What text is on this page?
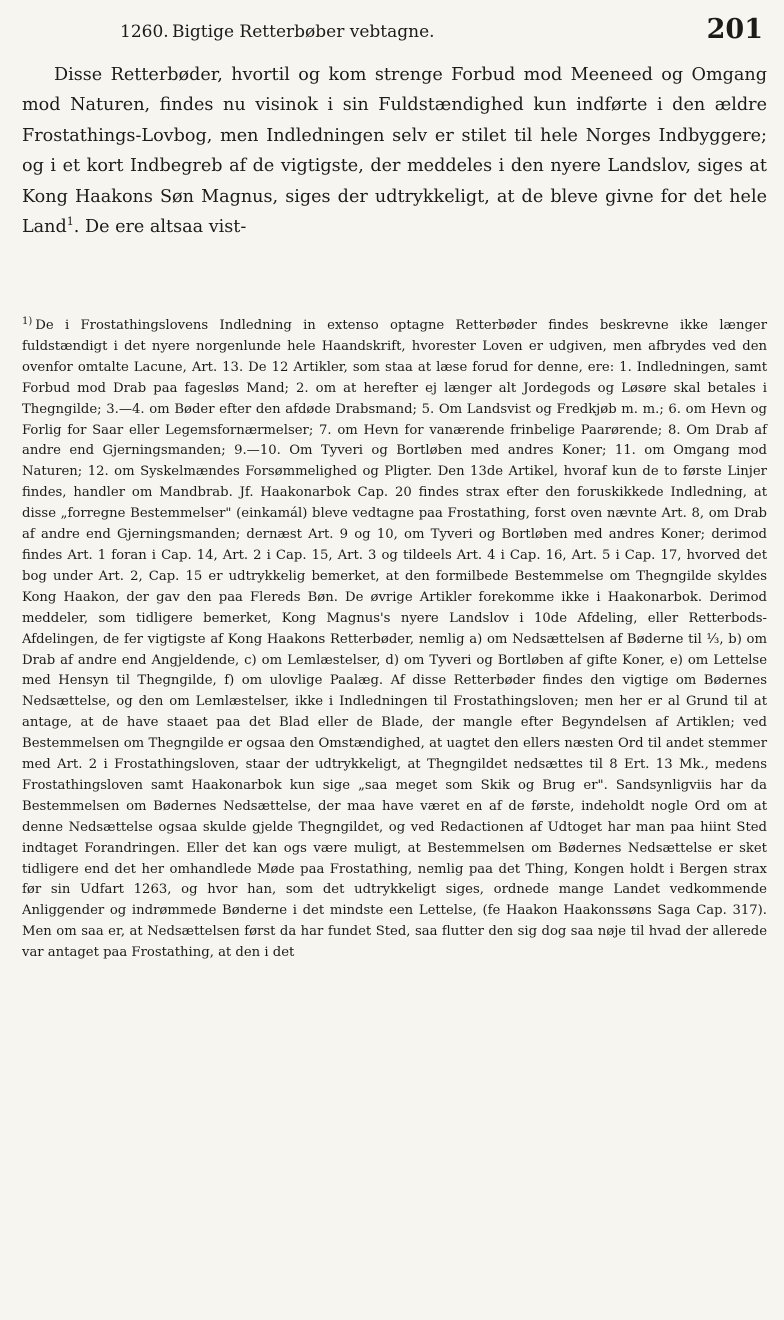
1260. Bigtige Retterbøber vebtagne.	201

Disse Retterbøder, hvortil og kom strenge Forbud mod Meeneed og Omgang mod Naturen, findes nu visinok i sin Fuldstændighed kun indførte i den ældre Frostathings-Lovbog, men Indledningen selv er stilet til hele Norges Indbyggere; og i et kort Indbegreb af de vigtigste, der meddeles i den nyere Landslov, siges at Kong Haakons Søn Magnus, siges der udtrykkeligt, at de bleve givne for det hele Land$^1$. De ere altsaa vist-

$^{1)}$ De i Frostathingslovens Indledning in extenso optagne Retterbøder findes beskrevne ikke længer fuldstændigt i det nyere norgenlunde hele Haandskrift, hvorester Loven er udgiven, men afbrydes ved den ovenfor omtalte Lacune, Art. 13. De 12 Artikler, som staa at læse forud for denne, ere: 1. Indledningen, samt Forbud mod Drab paa fagesløs Mand; 2. om at herefter ej længer alt Jordegods og Løsøre skal betales i Thegngilde; 3.—4. om Bøder efter den afdøde Drabsmand; 5. Om Landsvist og Fredkjøb m. m.; 6. om Hevn og Forlig for Saar eller Legemsfornærmelser; 7. om Hevn for vanærende frinbelige Paarørende; 8. Om Drab af andre end Gjerningsmanden; 9.—10. Om Tyveri og Bortløben med andres Koner; 11. om Omgang mod Naturen; 12. om Syskelmændes Forsømmelighed og Pligter. Den 13de Artikel, hvoraf kun de to første Linjer findes, handler om Mandbrab. Jf. Haakonarbok Cap. 20 findes strax efter den foruskikkede Indledning, at disse „forregne Bestemmelser" (einkamál) bleve vedtagne paa Frostathing, forst oven nævnte Art. 8, om Drab af andre end Gjerningsmanden; dernæst Art. 9 og 10, om Tyveri og Bortløben med andres Koner; derimod findes Art. 1 foran i Cap. 14, Art. 2 i Cap. 15, Art. 3 og tildeels Art. 4 i Cap. 16, Art. 5 i Cap. 17, hvorved det bog under Art. 2, Cap. 15 er udtrykkelig bemerket, at den formilbede Bestemmelse om Thegngilde skyldes Kong Haakon, der gav den paa Flereds Bøn. De øvrige Artikler forekomme ikke i Haakonarbok. Derimod meddeler, som tidligere bemerket, Kong Magnus's nyere Landslov i 10de Afdeling, eller Retterbods-Afdelingen, de fer vigtigste af Kong Haakons Retterbøder, nemlig a) om Nedsættelsen af Bøderne til ⅓, b) om Drab af andre end Angjeldende, c) om Lemlæstelser, d) om Tyveri og Bortløben af gifte Koner, e) om Lettelse med Hensyn til Thegngilde, f) om ulovlige Paalæg. Af disse Retterbøder findes den vigtige om Bødernes Nedsættelse, og den om Lemlæstelser, ikke i Indledningen til Frostathingsloven; men her er al Grund til at antage, at de have staaet paa det Blad eller de Blade, der mangle efter Begyndelsen af Artiklen; ved Bestemmelsen om Thegngilde er ogsaa den Omstændighed, at uagtet den ellers næsten Ord til andet stemmer med Art. 2 i Frostathingsloven, staar der udtrykkeligt, at Thegngildet nedsættes til 8 Ert. 13 Mk., medens Frostathingsloven samt Haakonarbok kun sige „saa meget som Skik og Brug er". Sandsynligviis har da Bestemmelsen om Bødernes Nedsættelse, der maa have været en af de første, indeholdt nogle Ord om at denne Nedsættelse ogsaa skulde gjelde Thegngildet, og ved Redactionen af Udtoget har man paa hiint Sted indtaget Forandringen. Eller det kan ogs være muligt, at Bestemmelsen om Bødernes Nedsættelse er sket tidligere end det her omhandlede Møde paa Frostathing, nemlig paa det Thing, Kongen holdt i Bergen strax før sin Udfart 1263, og hvor han, som det udtrykkeligt siges, ordnede mange Landet vedkommende Anliggender og indrømmede Bønderne i det mindste een Lettelse, (fe Haakon Haakonssøns Saga Cap. 317). Men om saa er, at Nedsættelsen først da har fundet Sted, saa flutter den sig dog saa nøje til hvad der allerede var antaget paa Frostathing, at den i det
